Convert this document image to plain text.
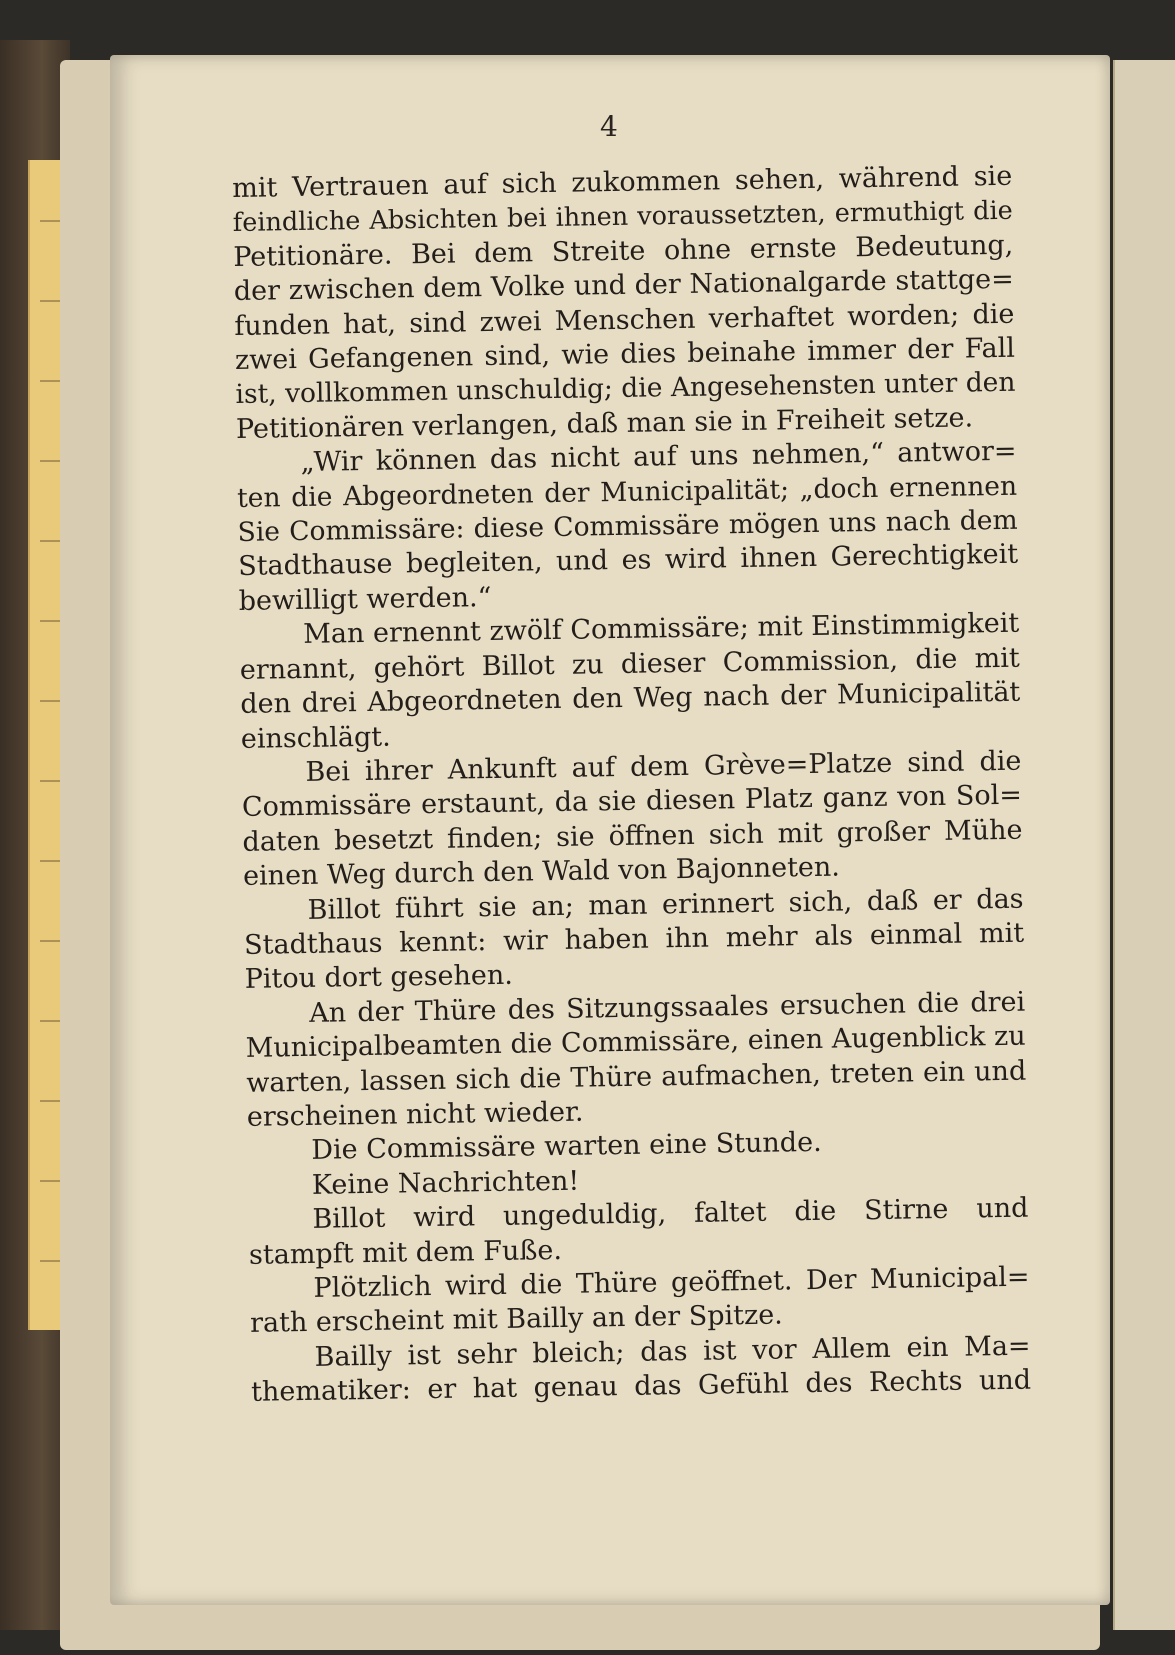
4
mit Vertrauen auf sich zukommen sehen, während sie
feindliche Absichten bei ihnen voraussetzten, ermuthigt die
Petitionäre. Bei dem Streite ohne ernste Bedeutung,
der zwischen dem Volke und der Nationalgarde stattge=
funden hat, sind zwei Menschen verhaftet worden; die
zwei Gefangenen sind, wie dies beinahe immer der Fall
ist, vollkommen unschuldig; die Angesehensten unter den
Petitionären verlangen, daß man sie in Freiheit setze.
„Wir können das nicht auf uns nehmen,“ antwor=
ten die Abgeordneten der Municipalität; „doch ernennen
Sie Commissäre: diese Commissäre mögen uns nach dem
Stadthause begleiten, und es wird ihnen Gerechtigkeit
bewilligt werden.“
Man ernennt zwölf Commissäre; mit Einstimmigkeit
ernannt, gehört Billot zu dieser Commission, die mit
den drei Abgeordneten den Weg nach der Municipalität
einschlägt.
Bei ihrer Ankunft auf dem Grève=Platze sind die
Commissäre erstaunt, da sie diesen Platz ganz von Sol=
daten besetzt finden; sie öffnen sich mit großer Mühe
einen Weg durch den Wald von Bajonneten.
Billot führt sie an; man erinnert sich, daß er das
Stadthaus kennt: wir haben ihn mehr als einmal mit
Pitou dort gesehen.
An der Thüre des Sitzungssaales ersuchen die drei
Municipalbeamten die Commissäre, einen Augenblick zu
warten, lassen sich die Thüre aufmachen, treten ein und
erscheinen nicht wieder.
Die Commissäre warten eine Stunde.
Keine Nachrichten!
Billot wird ungeduldig, faltet die Stirne und
stampft mit dem Fuße.
Plötzlich wird die Thüre geöffnet. Der Municipal=
rath erscheint mit Bailly an der Spitze.
Bailly ist sehr bleich; das ist vor Allem ein Ma=
thematiker: er hat genau das Gefühl des Rechts und
